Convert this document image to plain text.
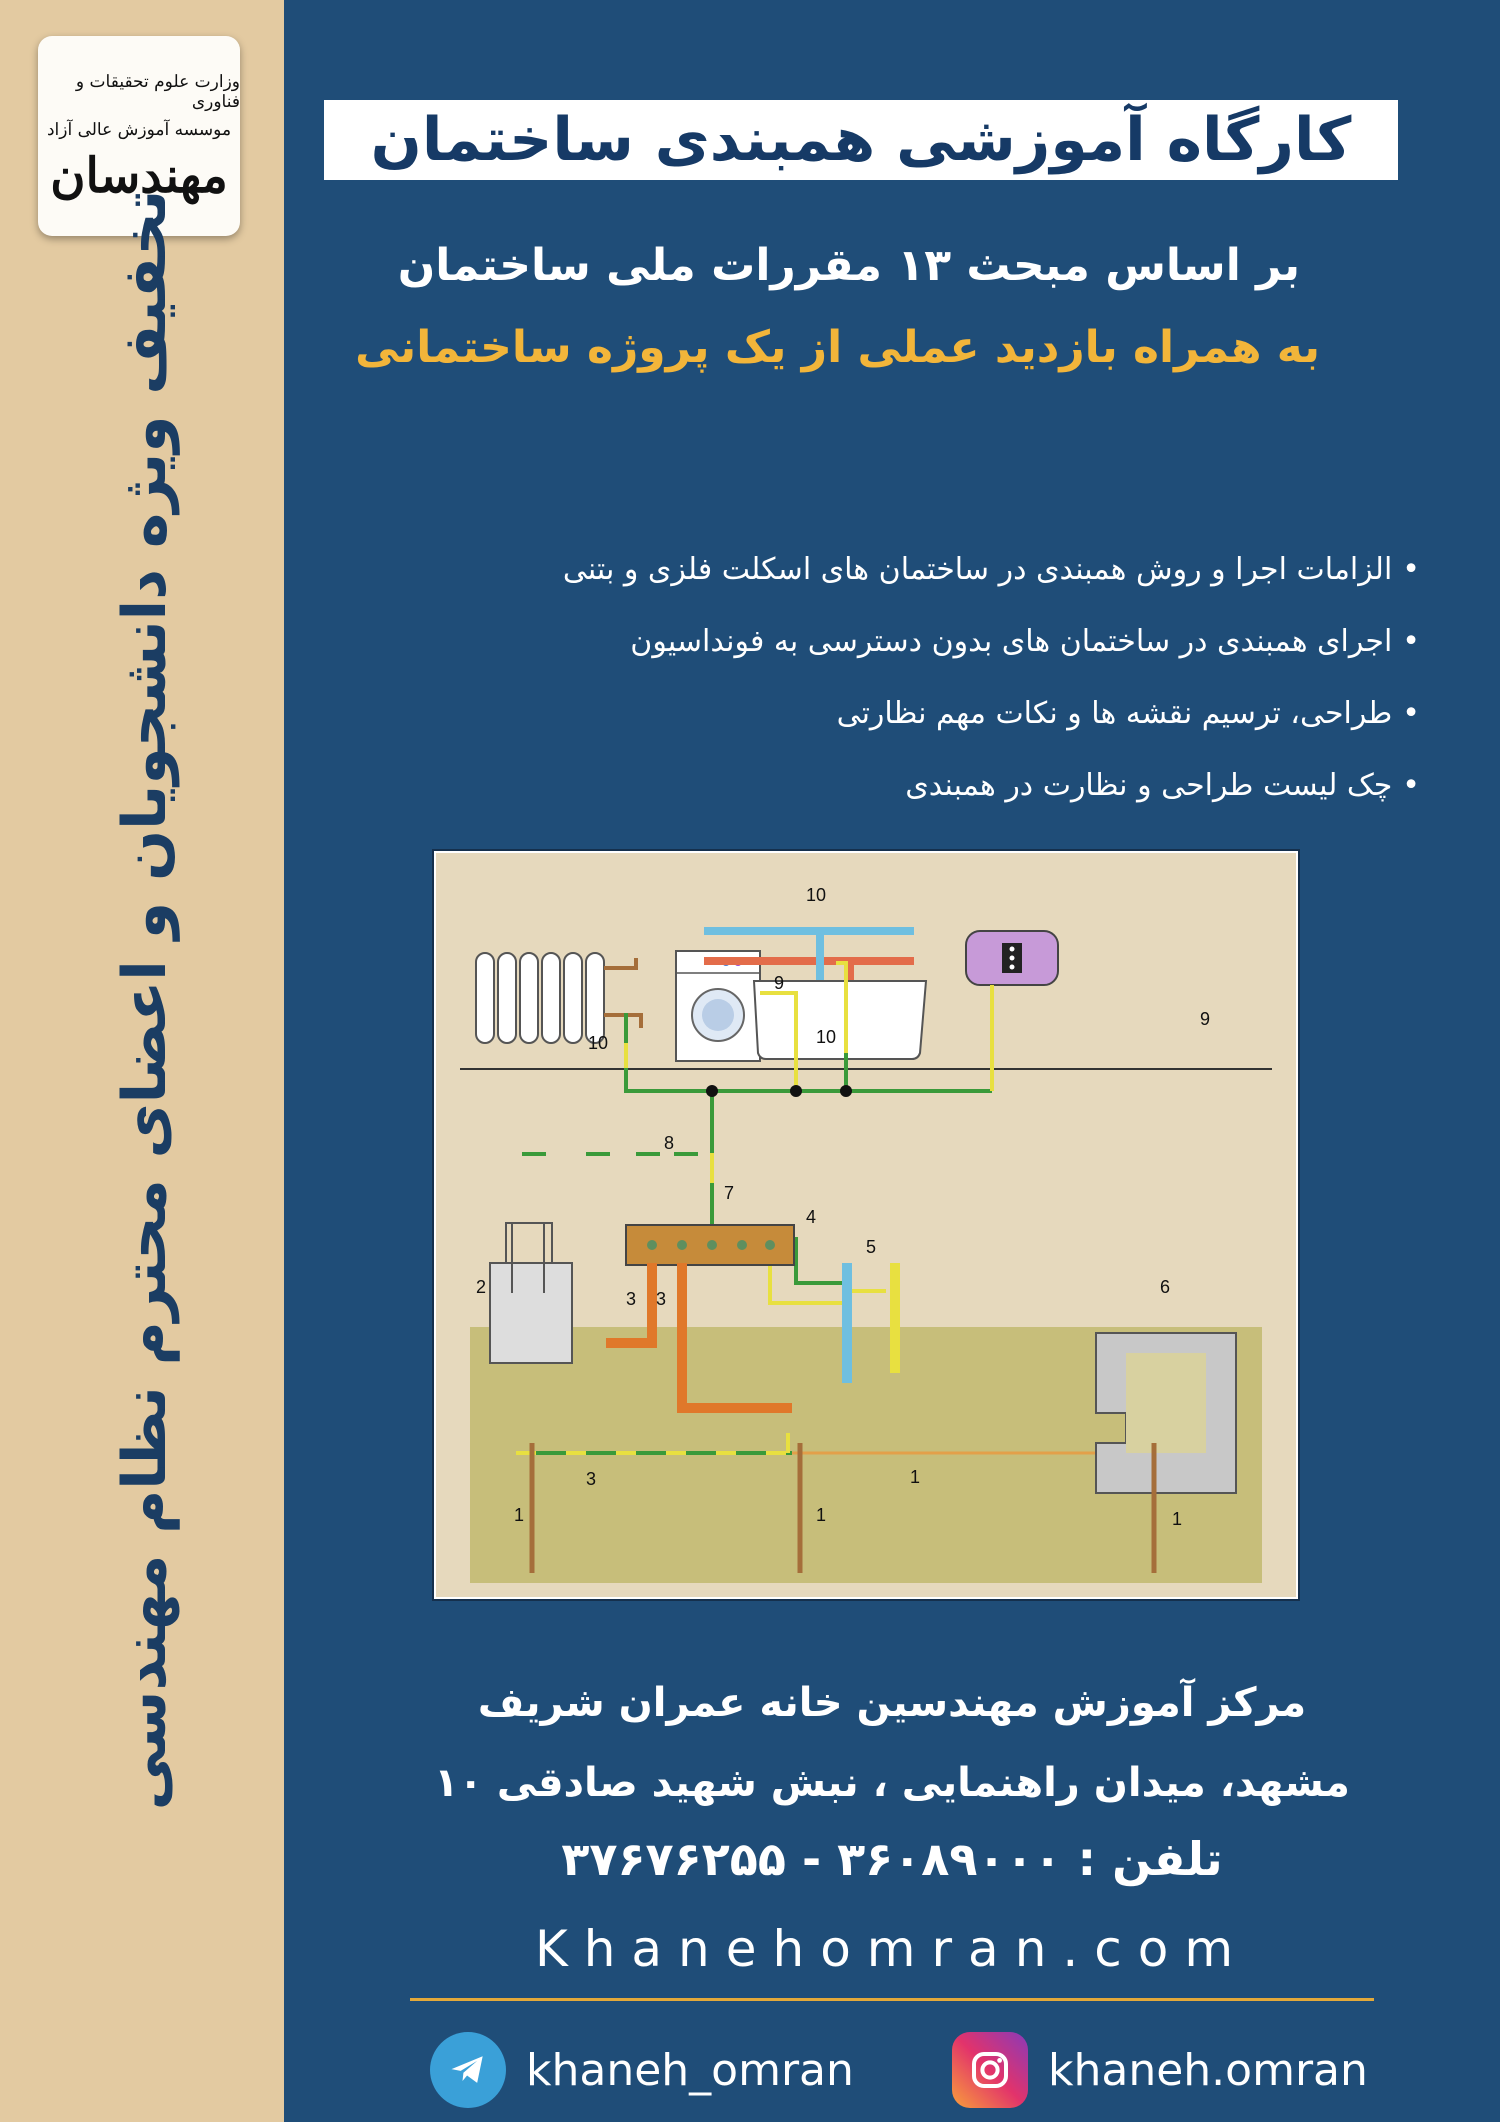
وزارت علوم تحقیقات و فناوری
موسسه آموزش عالی آزاد
مهندسان
تخفیف ویژه دانشجویان و اعضای محترم نظام مهندسی
کارگاه آموزشی همبندی ساختمان
بر اساس مبحث ۱۳ مقررات ملی ساختمان
به همراه بازدید عملی از یک پروژه ساختمانی
•الزامات اجرا و روش همبندی در ساختمان های اسکلت فلزی و بتنی
•اجرای همبندی در ساختمان های بدون دسترسی به فونداسیون
•طراحی، ترسیم نقشه ها و نکات مهم نظارتی
•چک لیست طراحی و نظارت در همبندی
10
10	10
9
9
8
7
4
5
6
2
3 3
3
1	1
1
1
مرکز آموزش مهندسین خانه عمران شریف
مشهد، میدان راهنمایی ، نبش شهید صادقی ۱۰
تلفن : ۳۶۰۸۹۰۰۰ - ۳۷۶۷۶۲۵۵
Khanehomran.com
khaneh_omran	khaneh.omran
